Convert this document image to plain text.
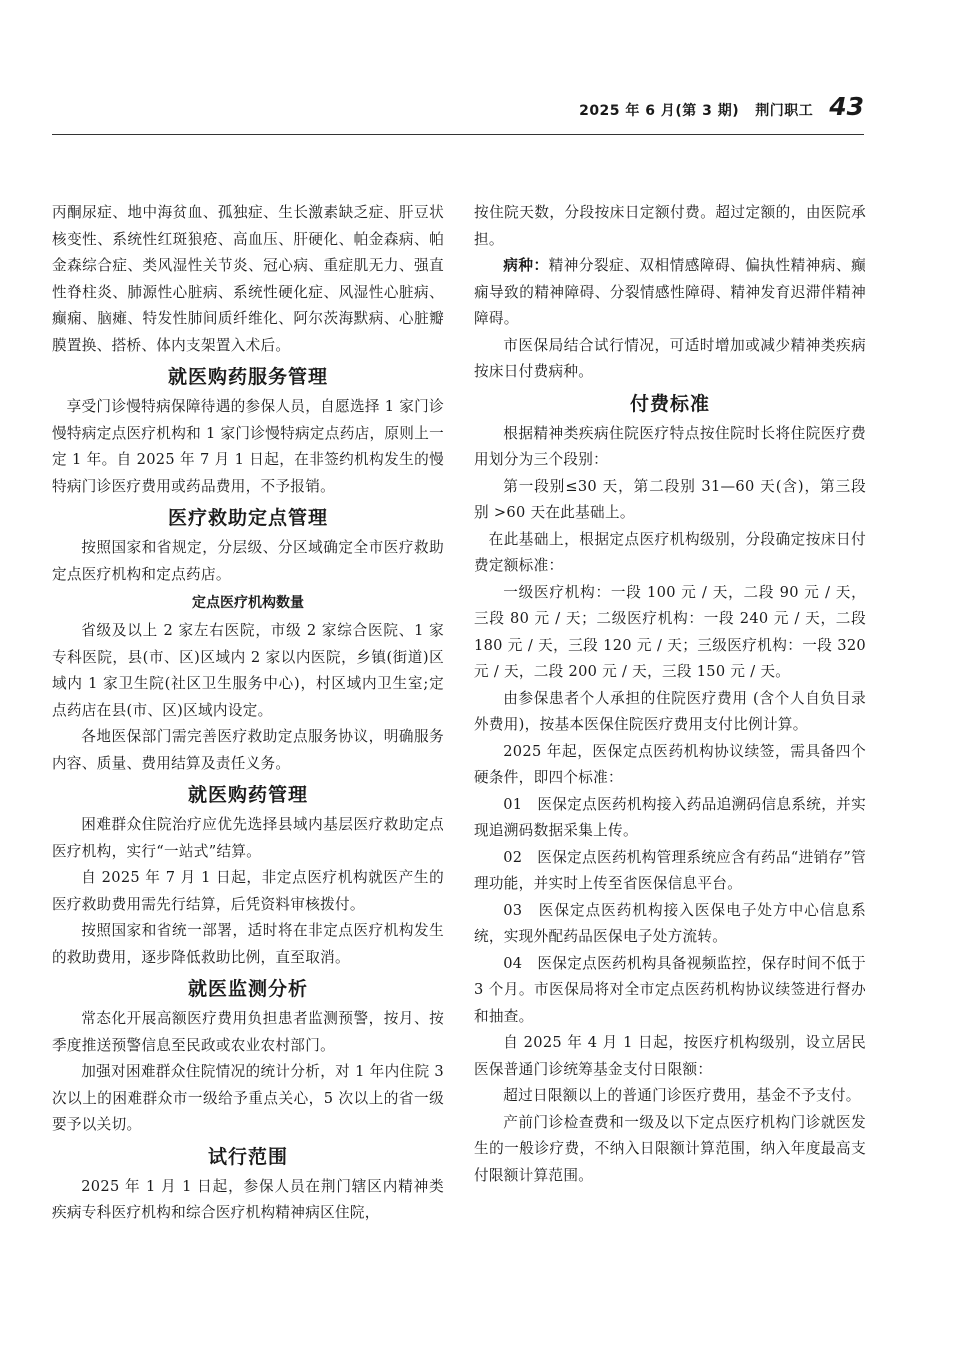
2025 年 6 月(第 3 期) 荆门职工 43

丙酮尿症、地中海贫血、孤独症、生长激素缺乏症、肝豆状核变性、系统性红斑狼疮、高血压、肝硬化、帕金森病、帕金森综合症、类风湿性关节炎、冠心病、重症肌无力、强直性脊柱炎、肺源性心脏病、系统性硬化症、风湿性心脏病、癫痫、脑瘫、特发性肺间质纤维化、阿尔茨海默病、心脏瓣膜置换、搭桥、体内支架置入术后。

就医购药服务管理

享受门诊慢特病保障待遇的参保人员，自愿选择 1 家门诊慢特病定点医疗机构和 1 家门诊慢特病定点药店，原则上一定 1 年。自 2025 年 7 月 1 日起，在非签约机构发生的慢特病门诊医疗费用或药品费用，不予报销。

医疗救助定点管理

按照国家和省规定，分层级、分区域确定全市医疗救助定点医疗机构和定点药店。

定点医疗机构数量

省级及以上 2 家左右医院，市级 2 家综合医院、1 家专科医院，县(市、区)区域内 2 家以内医院，乡镇(街道)区域内 1 家卫生院(社区卫生服务中心)，村区域内卫生室;定点药店在县(市、区)区域内设定。

各地医保部门需完善医疗救助定点服务协议，明确服务内容、质量、费用结算及责任义务。

就医购药管理

困难群众住院治疗应优先选择县域内基层医疗救助定点医疗机构，实行“一站式”结算。

自 2025 年 7 月 1 日起，非定点医疗机构就医产生的医疗救助费用需先行结算，后凭资料审核拨付。

按照国家和省统一部署，适时将在非定点医疗机构发生的救助费用，逐步降低救助比例，直至取消。

就医监测分析

常态化开展高额医疗费用负担患者监测预警，按月、按季度推送预警信息至民政或农业农村部门。

加强对困难群众住院情况的统计分析，对 1 年内住院 3 次以上的困难群众市一级给予重点关心，5 次以上的省一级要予以关切。

试行范围

2025 年 1 月 1 日起，参保人员在荆门辖区内精神类疾病专科医疗机构和综合医疗机构精神病区住院，

按住院天数，分段按床日定额付费。超过定额的，由医院承担。

病种：精神分裂症、双相情感障碍、偏执性精神病、癫痫导致的精神障碍、分裂情感性障碍、精神发育迟滞伴精神障碍。

市医保局结合试行情况，可适时增加或减少精神类疾病按床日付费病种。

付费标准

根据精神类疾病住院医疗特点按住院时长将住院医疗费用划分为三个段别：

第一段别≤30 天，第二段别 31—60 天(含)，第三段别 >60 天在此基础上。

在此基础上，根据定点医疗机构级别，分段确定按床日付费定额标准：

一级医疗机构：一段 100 元 / 天，二段 90 元 / 天，三段 80 元 / 天；二级医疗机构：一段 240 元 / 天，二段 180 元 / 天，三段 120 元 / 天；三级医疗机构：一段 320 元 / 天，二段 200 元 / 天，三段 150 元 / 天。

由参保患者个人承担的住院医疗费用 (含个人自负目录外费用)，按基本医保住院医疗费用支付比例计算。

2025 年起，医保定点医药机构协议续签，需具备四个硬条件，即四个标准：

01　医保定点医药机构接入药品追溯码信息系统，并实现追溯码数据采集上传。

02　医保定点医药机构管理系统应含有药品“进销存”管理功能，并实时上传至省医保信息平台。

03　医保定点医药机构接入医保电子处方中心信息系统，实现外配药品医保电子处方流转。

04　医保定点医药机构具备视频监控，保存时间不低于 3 个月。市医保局将对全市定点医药机构协议续签进行督办和抽查。

自 2025 年 4 月 1 日起，按医疗机构级别，设立居民医保普通门诊统筹基金支付日限额：

超过日限额以上的普通门诊医疗费用，基金不予支付。

产前门诊检查费和一级及以下定点医疗机构门诊就医发生的一般诊疗费，不纳入日限额计算范围，纳入年度最高支付限额计算范围。
